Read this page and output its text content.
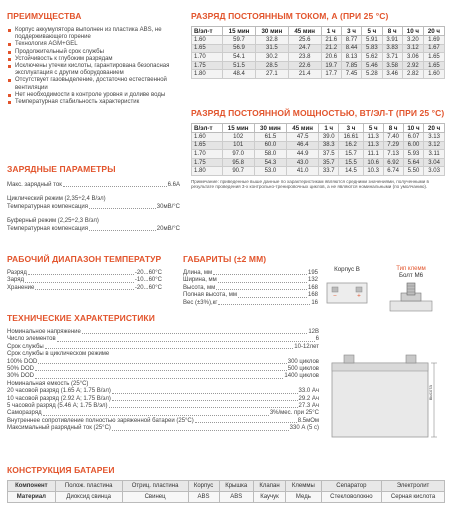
ПРЕИМУЩЕСТВА
Корпус аккумулятора выполнен из пластика ABS, не поддерживающего горение
Технология AGM+GEL
Продолжительный срок службы
Устойчивость к глубоким разрядам
Исключены утечки кислоты, гарантирована безопасная эксплуатация с другим оборудованием
Отсутствует газовыделение, достаточно естественной вентиляции
Нет необходимости в контроле уровня и доливе воды
Температурная стабильность характеристик
РАЗРЯД ПОСТОЯННЫМ ТОКОМ, А (ПРИ 25 °С)
В/эл-т	15 мин	30 мин	45 мин	1 ч	3 ч	5 ч	8 ч	10 ч	20 ч
1.60	59.7	32.8	25.6	21.6	8.77	5.91	3.91	3.20	1.69
1.65	56.9	31.5	24.7	21.2	8.44	5.83	3.83	3.12	1.67
1.70	54.1	30.2	23.8	20.6	8.13	5.62	3.71	3.06	1.65
1.75	51.5	28.5	22.6	19.7	7.85	5.46	3.58	2.92	1.65
1.80	48.4	27.1	21.4	17.7	7.45	5.28	3.46	2.82	1.60
РАЗРЯД ПОСТОЯННОЙ МОЩНОСТЬЮ, ВТ/ЭЛ-Т (ПРИ 25 °С)
В/эл-т	15 мин	30 мин	45 мин	1 ч	3 ч	5 ч	8 ч	10 ч	20 ч
1.60	102	61.5	47.5	39.0	16.61	11.3	7.40	6.07	3.13
1.65	101	60.0	46.4	38.3	16.2	11.3	7.29	6.00	3.12
1.70	97.0	58.0	44.9	37.5	15.7	11.1	7.13	5.93	3.11
1.75	95.8	54.3	43.0	35.7	15.5	10.6	6.92	5.64	3.04
1.80	90.7	53.0	41.0	33.7	14.5	10.3	6.74	5.50	3.03
Примечание: приведенные выше данные по характеристикам являются средними значениями, полученными в результате проведения 3-х контрольно-тренировочных циклов, а не являются номинальными (по умолчанию).
ЗАРЯДНЫЕ ПАРАМЕТРЫ
Макс. зарядный ток	6.6А
Циклический режим (2,35÷2,4 В/эл)
Температурная компенсация	30мВ/°С
Буферный режим (2,25÷2,3 В/эл)
Температурная компенсация	20мВ/°С
РАБОЧИЙ ДИАПАЗОН ТЕМПЕРАТУР
Разряд	-20...60°С
Заряд	-10...60°С
Хранение	-20...60°С
ГАБАРИТЫ (±2 ММ)
Длина, мм	195
Ширина, мм	132
Высота, мм	168
Полная высота, мм	168
Вес (±3%),кг	16
Корпус В
−	+
Тип клемм
Болт М6
высота
ТЕХНИЧЕСКИЕ ХАРАКТЕРИСТИКИ
Номинальное напряжение	12В
Число элементов	6
Срок службы	10-12лет
Срок службы в циклическом режиме
100% DOD	300 циклов
50% DOD	500 циклов
30% DOD	1400 циклов
Номинальная емкость (25°С)
20 часовой разряд (1.65 А; 1.75 В/эл)	33.0 Ач
10 часовой разряд (2.92 А; 1.75 В/эл)	29.2 Ач
5 часовой разряд (5.46 А; 1.75 В/эл)	27.3 Ач
Саморазряд	3%/мес. при 25°С
Внутреннее сопротивление полностью заряженной батареи (25°С)	8.5мОм
Максимальный разрядный ток (25°С)	330 А (5 с)
КОНСТРУКЦИЯ БАТАРЕИ
Компонент	Полож. пластина	Отриц. пластина	Корпус	Крышка	Клапан	Клеммы	Сепаратор	Электролит
Материал	Диоксид свинца	Свинец	ABS	ABS	Каучук	Медь	Стекловолокно	Серная кислота
